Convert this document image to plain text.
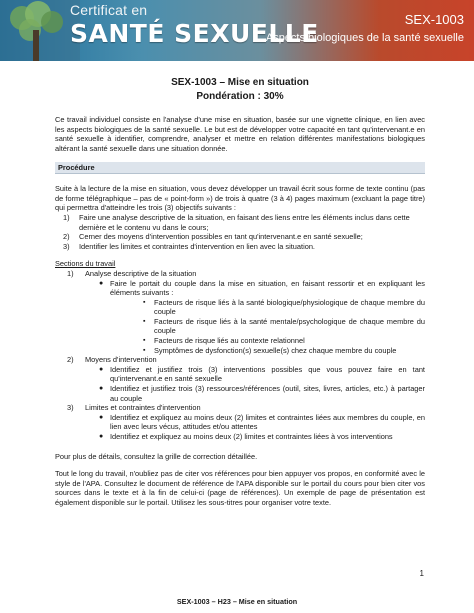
Certificat en
SANTÉ SEXUELLE	SEX-1003
Aspects biologiques de la santé sexuelle
SEX-1003 – Mise en situation
Pondération : 30%

Ce travail individuel consiste en l'analyse d'une mise en situation, basée sur une vignette clinique, en lien avec les aspects biologiques de la santé sexuelle. Le but est de développer votre capacité en tant qu'intervenant.e en santé sexuelle à identifier, comprendre, analyser et mettre en relation différentes manifestations biologiques altérant la santé sexuelle dans une situation donnée.

Procédure

Suite à la lecture de la mise en situation, vous devez développer un travail écrit sous forme de texte continu (pas de forme télégraphique – pas de « point-form ») de trois à quatre (3 à 4) pages maximum (excluant la page titre) qui permettra d'atteindre les trois (3) objectifs suivants :

1)	Faire une analyse descriptive de la situation, en faisant des liens entre les éléments inclus dans cette dernière et le contenu vu dans le cours;
2)	Cerner des moyens d'intervention possibles en tant qu'intervenant.e en santé sexuelle;
3)	Identifier les limites et contraintes d'intervention en lien avec la situation.
Sections du travail
1)	Analyse descriptive de la situation
● Faire le portait du couple dans la mise en situation, en faisant ressortir et en expliquant les éléments suivants :
▪	Facteurs de risque liés à la santé biologique/physiologique de chaque membre du couple
▪	Facteurs de risque liés à la santé mentale/psychologique de chaque membre du couple
▪	Facteurs de risque liés au contexte relationnel
▪	Symptômes de dysfonction(s) sexuelle(s) chez chaque membre du couple
2)	Moyens d'intervention
● Identifiez et justifiez trois (3) interventions possibles que vous pouvez faire en tant qu'intervenant.e en santé sexuelle
● Identifiez et justifiez trois (3) ressources/références (outil, sites, livres, articles, etc.) à partager au couple
3)	Limites et contraintes d'intervention
● Identifiez et expliquez au moins deux (2) limites et contraintes liées aux membres du couple, en lien avec leurs vécus, attitudes et/ou attentes
● Identifiez et expliquez au moins deux (2) limites et contraintes liées à vos interventions

Pour plus de détails, consultez la grille de correction détaillée.

Tout le long du travail, n'oubliez pas de citer vos références pour bien appuyer vos propos, en conformité avec le style de l'APA. Consultez le document de référence de l'APA disponible sur le portail du cours pour bien citer vos sources dans le texte et à la fin de celui-ci (page de références). Un exemple de page de présentation est également disponible sur le portail. Utilisez les sous-titres pour organiser votre texte.

1
SEX-1003 – H23 – Mise en situation
